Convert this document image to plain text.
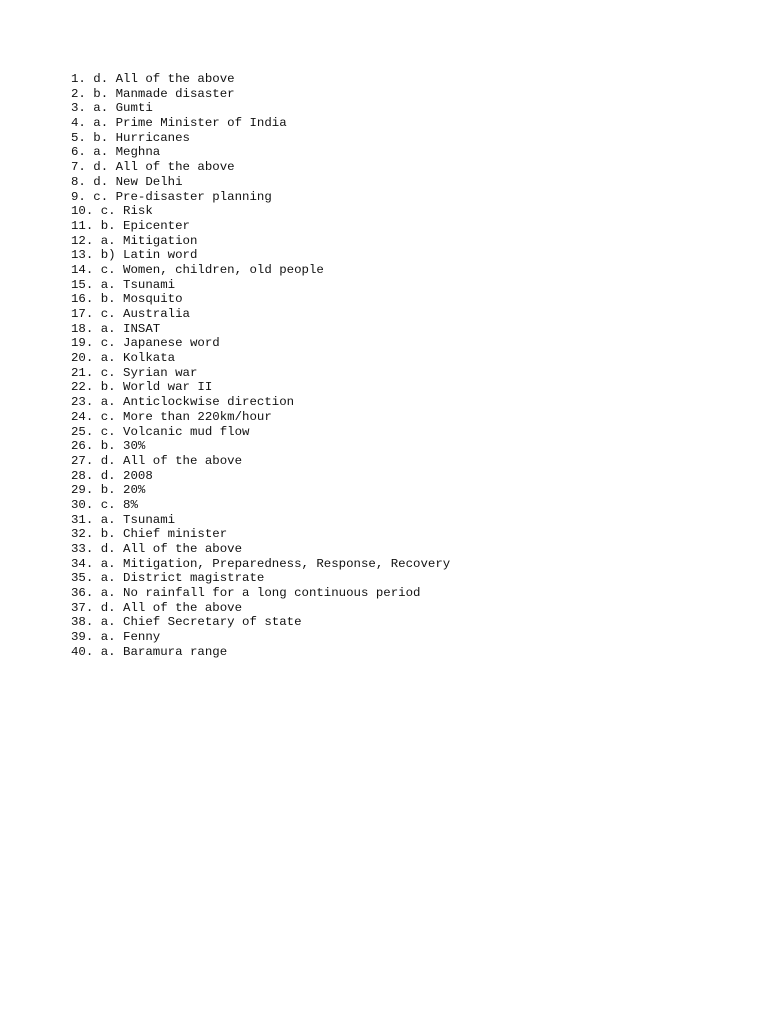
1. d. All of the above
2. b. Manmade disaster
3. a. Gumti
4. a. Prime Minister of India
5. b. Hurricanes
6. a. Meghna
7. d. All of the above
8. d. New Delhi
9. c. Pre-disaster planning
10. c. Risk
11. b. Epicenter
12. a. Mitigation
13. b) Latin word
14. c. Women, children, old people
15. a. Tsunami
16. b. Mosquito
17. c. Australia
18. a. INSAT
19. c. Japanese word
20. a. Kolkata
21. c. Syrian war
22. b. World war II
23. a. Anticlockwise direction
24. c. More than 220km/hour
25. c. Volcanic mud flow
26. b. 30%
27. d. All of the above
28. d. 2008
29. b. 20%
30. c. 8%
31. a. Tsunami
32. b. Chief minister
33. d. All of the above
34. a. Mitigation, Preparedness, Response, Recovery
35. a. District magistrate
36. a. No rainfall for a long continuous period
37. d. All of the above
38. a. Chief Secretary of state
39. a. Fenny
40. a. Baramura range
